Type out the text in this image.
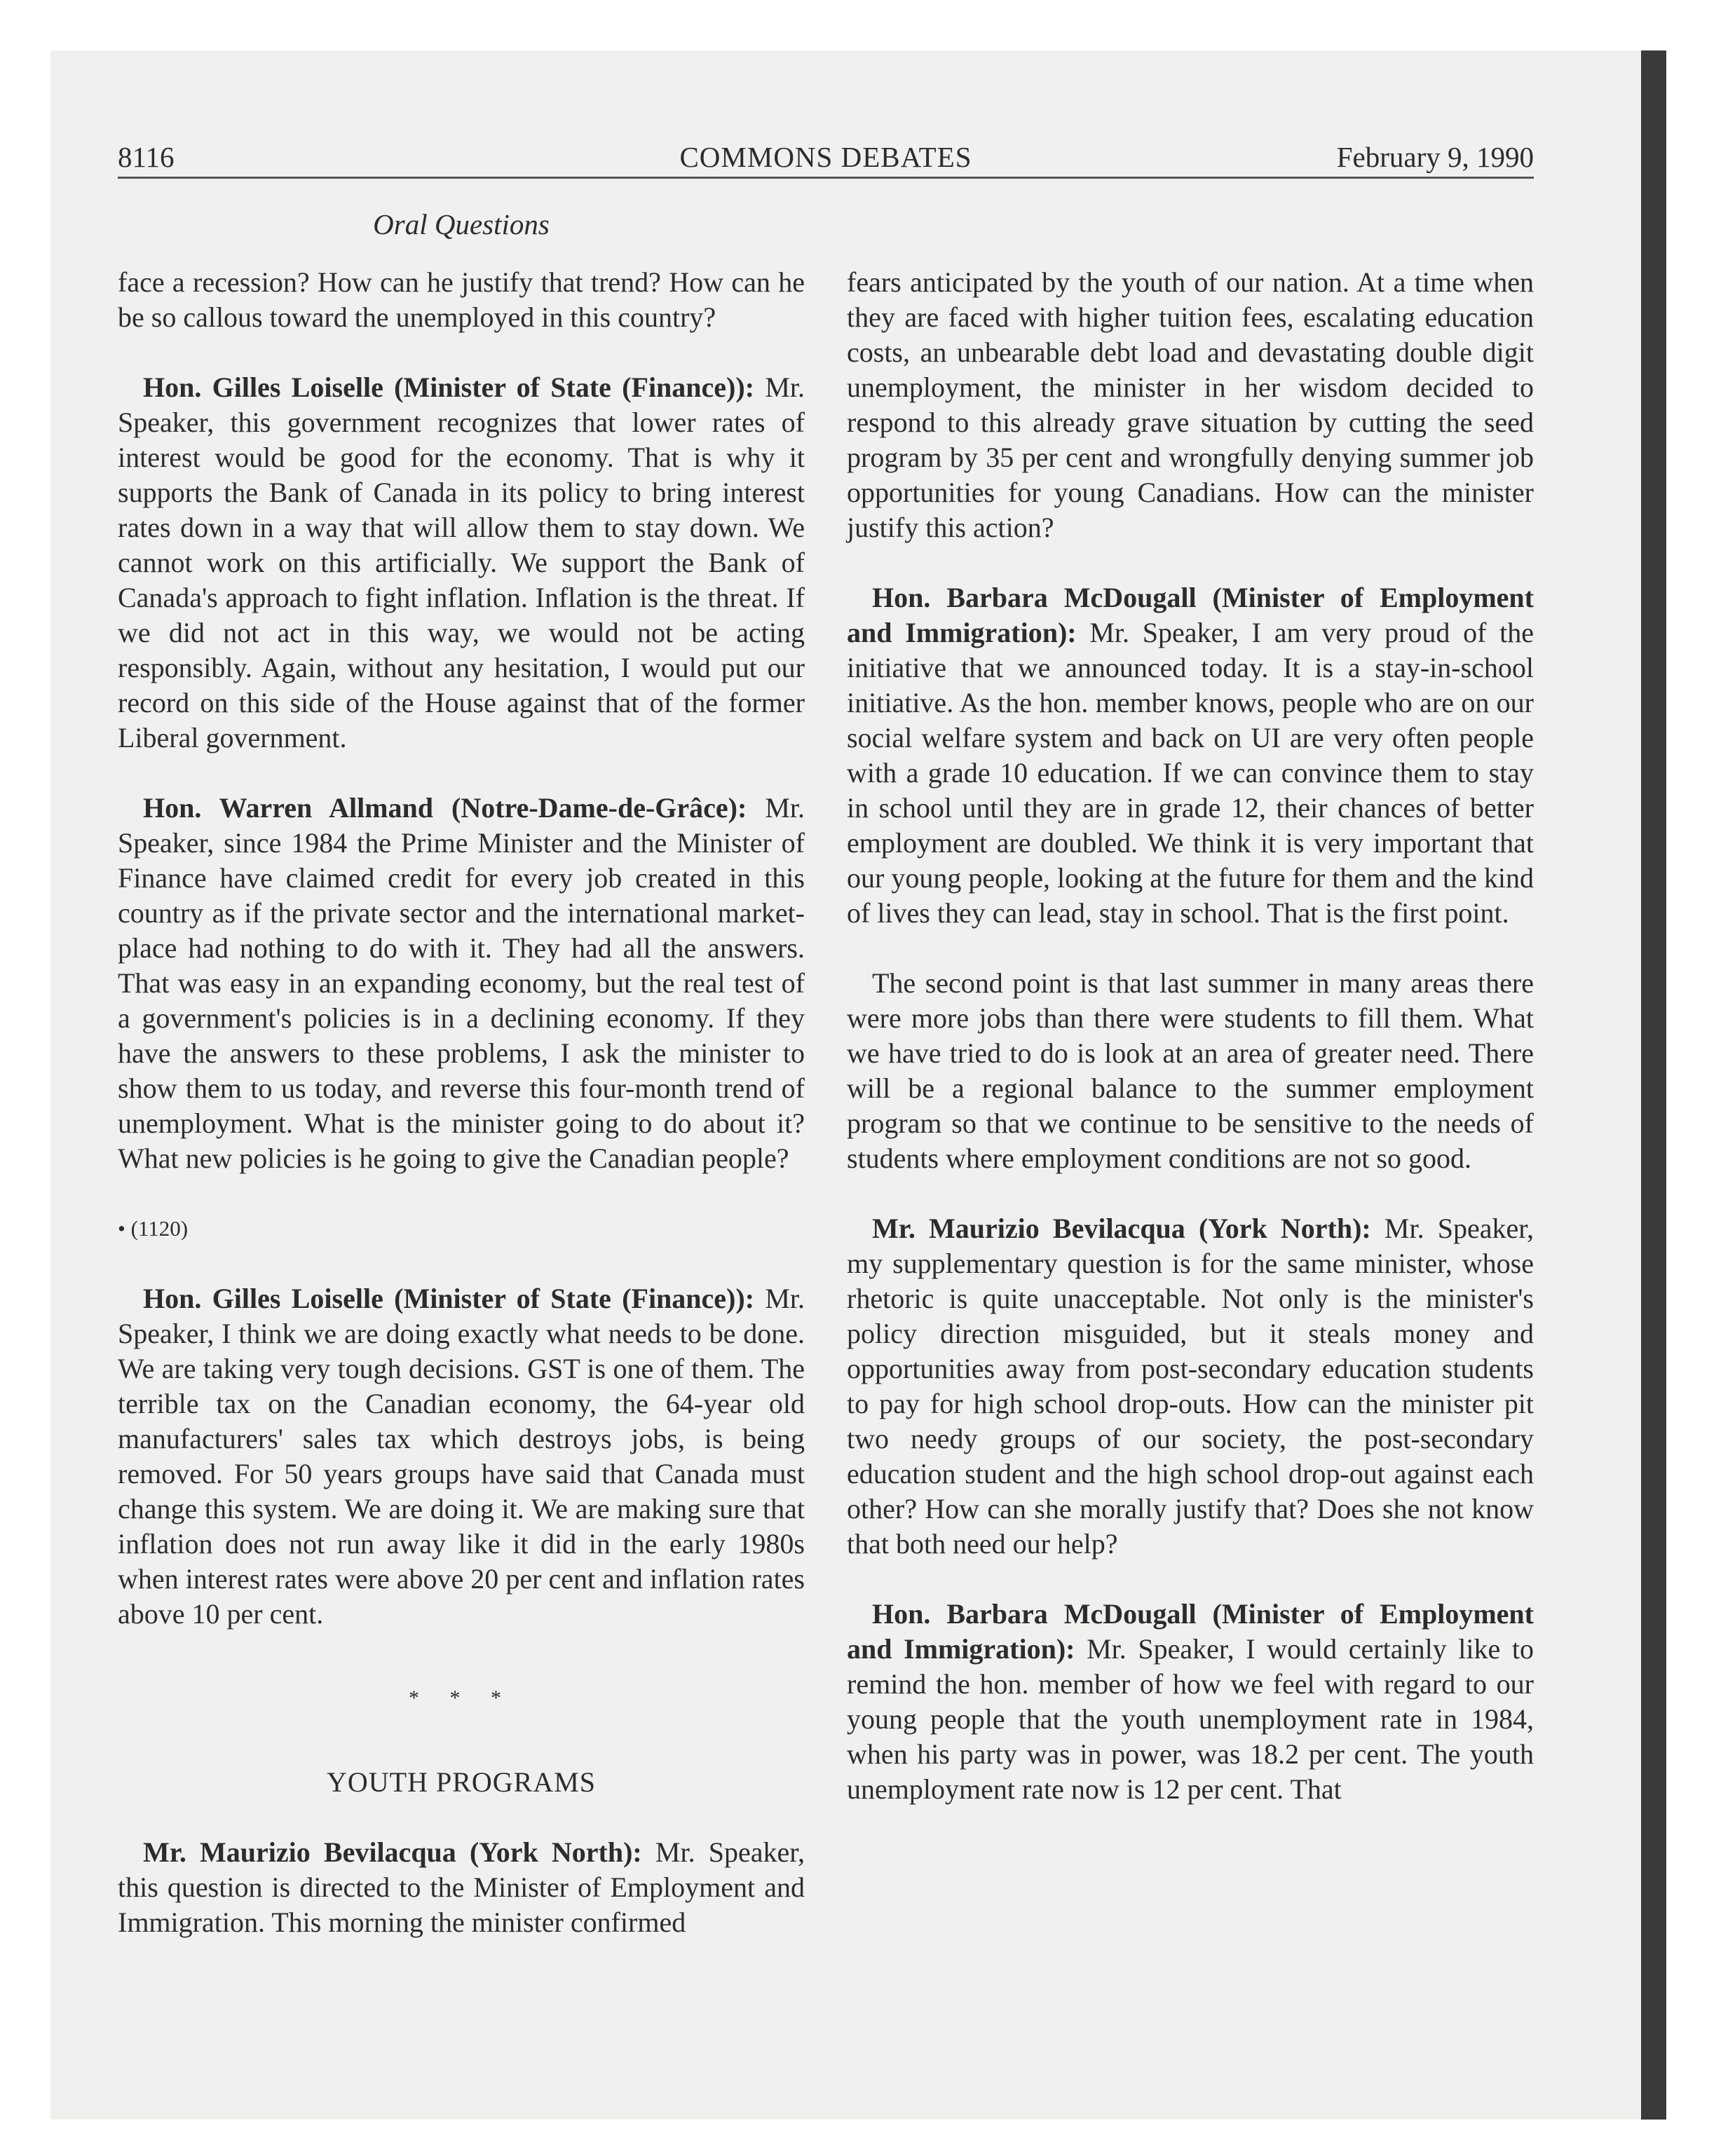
8116	COMMONS DEBATES	February 9, 1990
Oral Questions

face a recession? How can he justify that trend? How can he be so callous toward the unemployed in this country?

Hon. Gilles Loiselle (Minister of State (Finance)): Mr. Speaker, this government recognizes that lower rates of interest would be good for the economy. That is why it supports the Bank of Canada in its policy to bring interest rates down in a way that will allow them to stay down. We cannot work on this artificially. We support the Bank of Canada's approach to fight inflation. Inflation is the threat. If we did not act in this way, we would not be acting responsibly. Again, without any hesitation, I would put our record on this side of the House against that of the former Liberal government.

Hon. Warren Allmand (Notre-Dame-de-Grâce): Mr. Speaker, since 1984 the Prime Minister and the Minister of Finance have claimed credit for every job created in this country as if the private sector and the international market-place had nothing to do with it. They had all the answers. That was easy in an expanding economy, but the real test of a government's policies is in a declining economy. If they have the answers to these problems, I ask the minister to show them to us today, and reverse this four-month trend of unemployment. What is the minister going to do about it? What new policies is he going to give the Canadian people?

• (1120)

Hon. Gilles Loiselle (Minister of State (Finance)): Mr. Speaker, I think we are doing exactly what needs to be done. We are taking very tough decisions. GST is one of them. The terrible tax on the Canadian economy, the 64-year old manufacturers' sales tax which destroys jobs, is being removed. For 50 years groups have said that Canada must change this system. We are doing it. We are making sure that inflation does not run away like it did in the early 1980s when interest rates were above 20 per cent and inflation rates above 10 per cent.

* * *

YOUTH PROGRAMS

Mr. Maurizio Bevilacqua (York North): Mr. Speaker, this question is directed to the Minister of Employment and Immigration. This morning the minister confirmed

fears anticipated by the youth of our nation. At a time when they are faced with higher tuition fees, escalating education costs, an unbearable debt load and devastating double digit unemployment, the minister in her wisdom decided to respond to this already grave situation by cutting the seed program by 35 per cent and wrongfully denying summer job opportunities for young Canadians. How can the minister justify this action?

Hon. Barbara McDougall (Minister of Employment and Immigration): Mr. Speaker, I am very proud of the initiative that we announced today. It is a stay-in-school initiative. As the hon. member knows, people who are on our social welfare system and back on UI are very often people with a grade 10 education. If we can convince them to stay in school until they are in grade 12, their chances of better employment are doubled. We think it is very important that our young people, looking at the future for them and the kind of lives they can lead, stay in school. That is the first point.

The second point is that last summer in many areas there were more jobs than there were students to fill them. What we have tried to do is look at an area of greater need. There will be a regional balance to the summer employment program so that we continue to be sensitive to the needs of students where employment conditions are not so good.

Mr. Maurizio Bevilacqua (York North): Mr. Speaker, my supplementary question is for the same minister, whose rhetoric is quite unacceptable. Not only is the minister's policy direction misguided, but it steals money and opportunities away from post-secondary education students to pay for high school drop-outs. How can the minister pit two needy groups of our society, the post-secondary education student and the high school drop-out against each other? How can she morally justify that? Does she not know that both need our help?

Hon. Barbara McDougall (Minister of Employment and Immigration): Mr. Speaker, I would certainly like to remind the hon. member of how we feel with regard to our young people that the youth unemployment rate in 1984, when his party was in power, was 18.2 per cent. The youth unemployment rate now is 12 per cent. That
